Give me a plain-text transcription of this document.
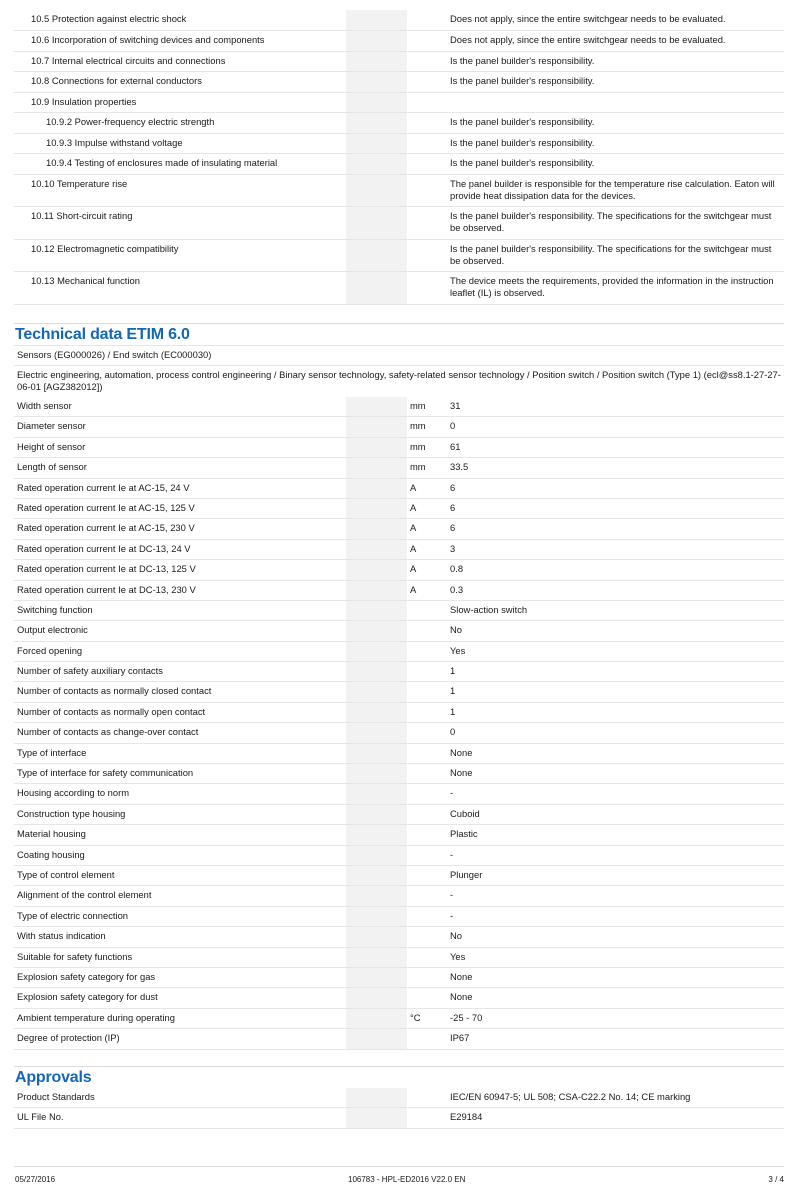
10.5 Protection against electric shock			Does not apply, since the entire switchgear needs to be evaluated.
10.6 Incorporation of switching devices and components			Does not apply, since the entire switchgear needs to be evaluated.
10.7 Internal electrical circuits and connections			Is the panel builder's responsibility.
10.8 Connections for external conductors			Is the panel builder's responsibility.
10.9 Insulation properties			
10.9.2 Power-frequency electric strength			Is the panel builder's responsibility.
10.9.3 Impulse withstand voltage			Is the panel builder's responsibility.
10.9.4 Testing of enclosures made of insulating material			Is the panel builder's responsibility.
10.10 Temperature rise			The panel builder is responsible for the temperature rise calculation. Eaton will provide heat dissipation data for the devices.
10.11 Short-circuit rating			Is the panel builder's responsibility. The specifications for the switchgear must be observed.
10.12 Electromagnetic compatibility			Is the panel builder's responsibility. The specifications for the switchgear must be observed.
10.13 Mechanical function			The device meets the requirements, provided the information in the instruction leaflet (IL) is observed.
Technical data ETIM 6.0
Sensors (EG000026) / End switch (EC000030)
Electric engineering, automation, process control engineering / Binary sensor technology, safety-related sensor technology / Position switch / Position switch (Type 1) (ecl@ss8.1-27-27-06-01 [AGZ382012])
Width sensor		mm	31
Diameter sensor		mm	0
Height of sensor		mm	61
Length of sensor		mm	33.5
Rated operation current Ie at AC-15, 24 V		A	6
Rated operation current Ie at AC-15, 125 V		A	6
Rated operation current Ie at AC-15, 230 V		A	6
Rated operation current Ie at DC-13, 24 V		A	3
Rated operation current Ie at DC-13, 125 V		A	0.8
Rated operation current Ie at DC-13, 230 V		A	0.3
Switching function			Slow-action switch
Output electronic			No
Forced opening			Yes
Number of safety auxiliary contacts			1
Number of contacts as normally closed contact			1
Number of contacts as normally open contact			1
Number of contacts as change-over contact			0
Type of interface			None
Type of interface for safety communication			None
Housing according to norm			-
Construction type housing			Cuboid
Material housing			Plastic
Coating housing			-
Type of control element			Plunger
Alignment of the control element			-
Type of electric connection			-
With status indication			No
Suitable for safety functions			Yes
Explosion safety category for gas			None
Explosion safety category for dust			None
Ambient temperature during operating		°C	-25 - 70
Degree of protection (IP)			IP67
Approvals
Product Standards			IEC/EN 60947-5; UL 508; CSA-C22.2 No. 14; CE marking
UL File No.			E29184
05/27/2016	106783 - HPL-ED2016 V22.0 EN	3 / 4
